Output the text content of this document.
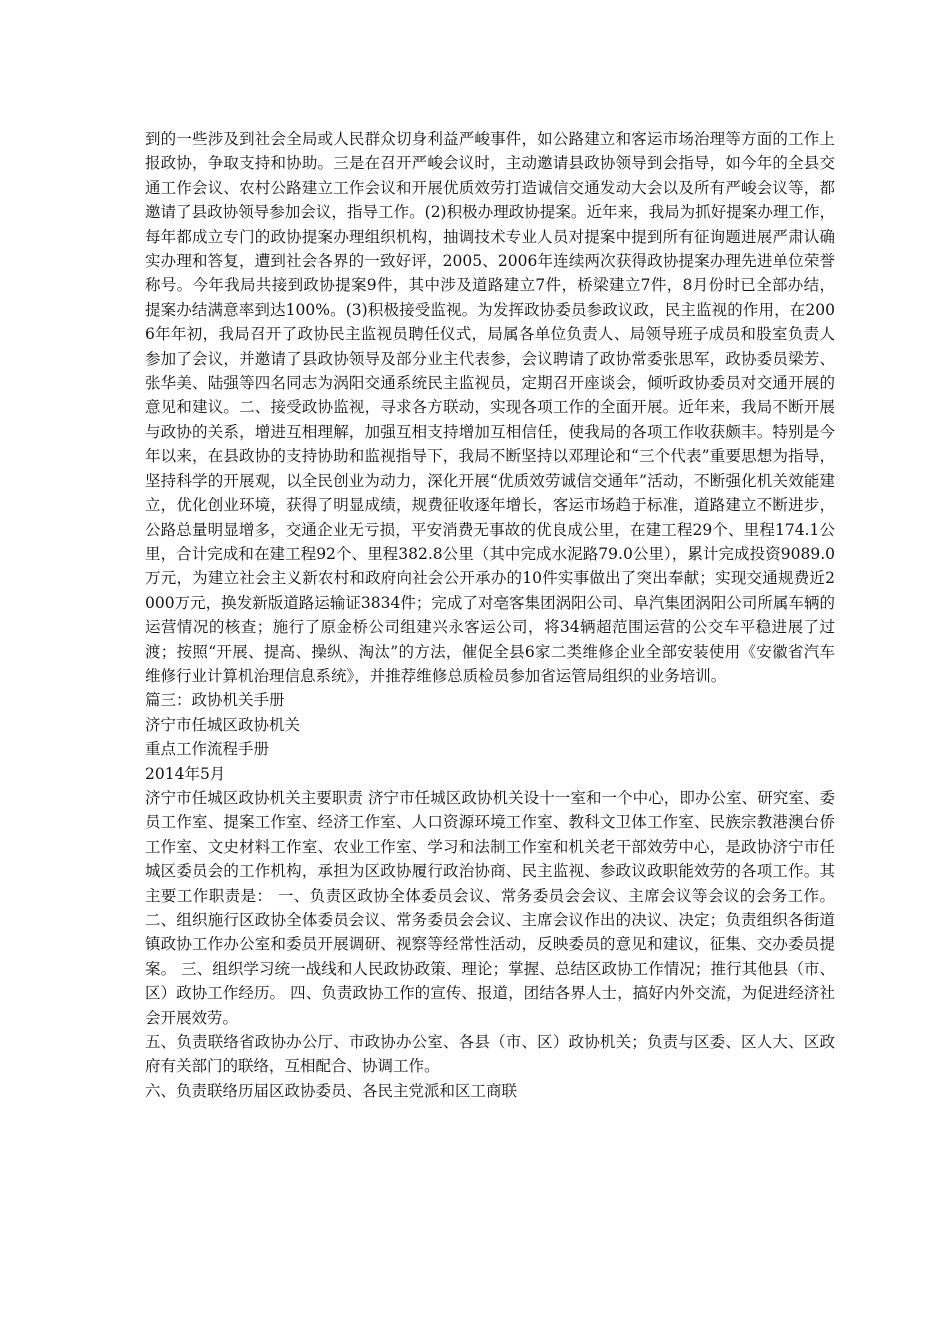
到的一些涉及到社会全局或人民群众切身利益严峻事件，如公路建立和客运市场治理等方面的工作上报政协，争取支持和协助。三是在召开严峻会议时，主动邀请县政协领导到会指导，如今年的全县交通工作会议、农村公路建立工作会议和开展优质效劳打造诚信交通发动大会以及所有严峻会议等，都邀请了县政协领导参加会议，指导工作。(2)积极办理政协提案。近年来，我局为抓好提案办理工作，每年都成立专门的政协提案办理组织机构，抽调技术专业人员对提案中提到所有征询题进展严肃认确实办理和答复，遭到社会各界的一致好评，2005、2006年连续两次获得政协提案办理先进单位荣誉称号。今年我局共接到政协提案9件，其中涉及道路建立7件，桥梁建立7件，8月份时已全部办结，提案办结满意率到达100%。(3)积极接受监视。为发挥政协委员参政议政，民主监视的作用，在2006年年初，我局召开了政协民主监视员聘任仪式，局属各单位负责人、局领导班子成员和股室负责人参加了会议，并邀请了县政协领导及部分业主代表参，会议聘请了政协常委张思军，政协委员梁芳、张华美、陆强等四名同志为涡阳交通系统民主监视员，定期召开座谈会，倾听政协委员对交通开展的意见和建议。二、接受政协监视，寻求各方联动，实现各项工作的全面开展。近年来，我局不断开展与政协的关系，增进互相理解，加强互相支持增加互相信任，使我局的各项工作收获颇丰。特别是今年以来，在县政协的支持协助和监视指导下，我局不断坚持以邓理论和“三个代表”重要思想为指导，坚持科学的开展观，以全民创业为动力，深化开展“优质效劳诚信交通年”活动，不断强化机关效能建立，优化创业环境，获得了明显成绩，规费征收逐年增长，客运市场趋于标准，道路建立不断进步，公路总量明显增多，交通企业无亏损，平安消费无事故的优良成公里，在建工程29个、里程174.1公里，合计完成和在建工程92个、里程382.8公里（其中完成水泥路79.0公里），累计完成投资9089.0万元，为建立社会主义新农村和政府向社会公开承办的10件实事做出了突出奉献；实现交通规费近2000万元，换发新版道路运输证3834件；完成了对亳客集团涡阳公司、阜汽集团涡阳公司所属车辆的运营情况的核查；施行了原金桥公司组建兴永客运公司，将34辆超范围运营的公交车平稳进展了过渡；按照“开展、提高、操纵、淘汰”的方法，催促全县6家二类维修企业全部安装使用《安徽省汽车维修行业计算机治理信息系统》，并推荐维修总质检员参加省运管局组织的业务培训。

篇三：政协机关手册

济宁市任城区政协机关

重点工作流程手册

2014年5月

济宁市任城区政协机关主要职责 济宁市任城区政协机关设十一室和一个中心，即办公室、研究室、委员工作室、提案工作室、经济工作室、人口资源环境工作室、教科文卫体工作室、民族宗教港澳台侨工作室、文史材料工作室、农业工作室、学习和法制工作室和机关老干部效劳中心，是政协济宁市任城区委员会的工作机构，承担为区政协履行政治协商、民主监视、参政议政职能效劳的各项工作。其主要工作职责是： 一、负责区政协全体委员会议、常务委员会会议、主席会议等会议的会务工作。 二、组织施行区政协全体委员会议、常务委员会会议、主席会议作出的决议、决定；负责组织各街道镇政协工作办公室和委员开展调研、视察等经常性活动，反映委员的意见和建议，征集、交办委员提案。 三、组织学习统一战线和人民政协政策、理论；掌握、总结区政协工作情况；推行其他县（市、区）政协工作经历。 四、负责政协工作的宣传、报道，团结各界人士，搞好内外交流，为促进经济社会开展效劳。

五、负责联络省政协办公厅、市政协办公室、各县（市、区）政协机关；负责与区委、区人大、区政府有关部门的联络，互相配合、协调工作。

六、负责联络历届区政协委员、各民主党派和区工商联
